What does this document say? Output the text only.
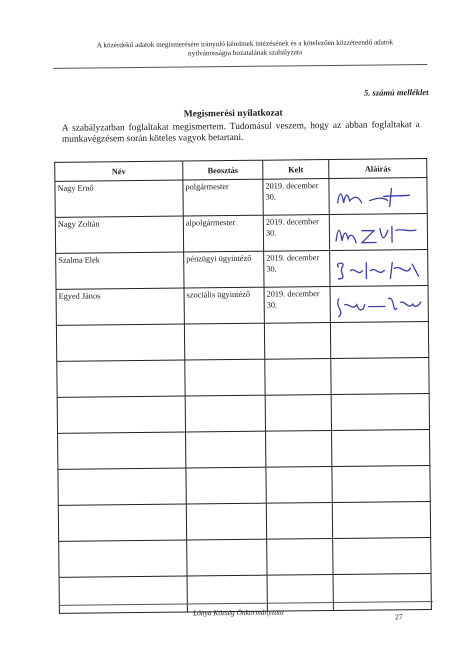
A közérdekű adatok megismerésére irányuló kérelmek intézésének és a kötelezően közzéteendő adatok
nyilvánosságra hozatalának szabályzata
5. számú melléklet
Megismerési nyilatkozat
A szabályzatban foglaltakat megismertem. Tudomásul veszem, hogy az abban foglaltakat a munkavégzésem során köteles vagyok betartani.
Név	Beosztás	Kelt	Aláírás
Nagy Ernő	polgármester	2019. december 30.	

Nagy Zoltán	alpolgármester	2019. december 30.	

Szalma Elek	pénzügyi ügyintéző	2019. december 30.	

Egyed János	szociális ügyintéző	2019. december 30.	

Lónya Község Önkormányzata	27
